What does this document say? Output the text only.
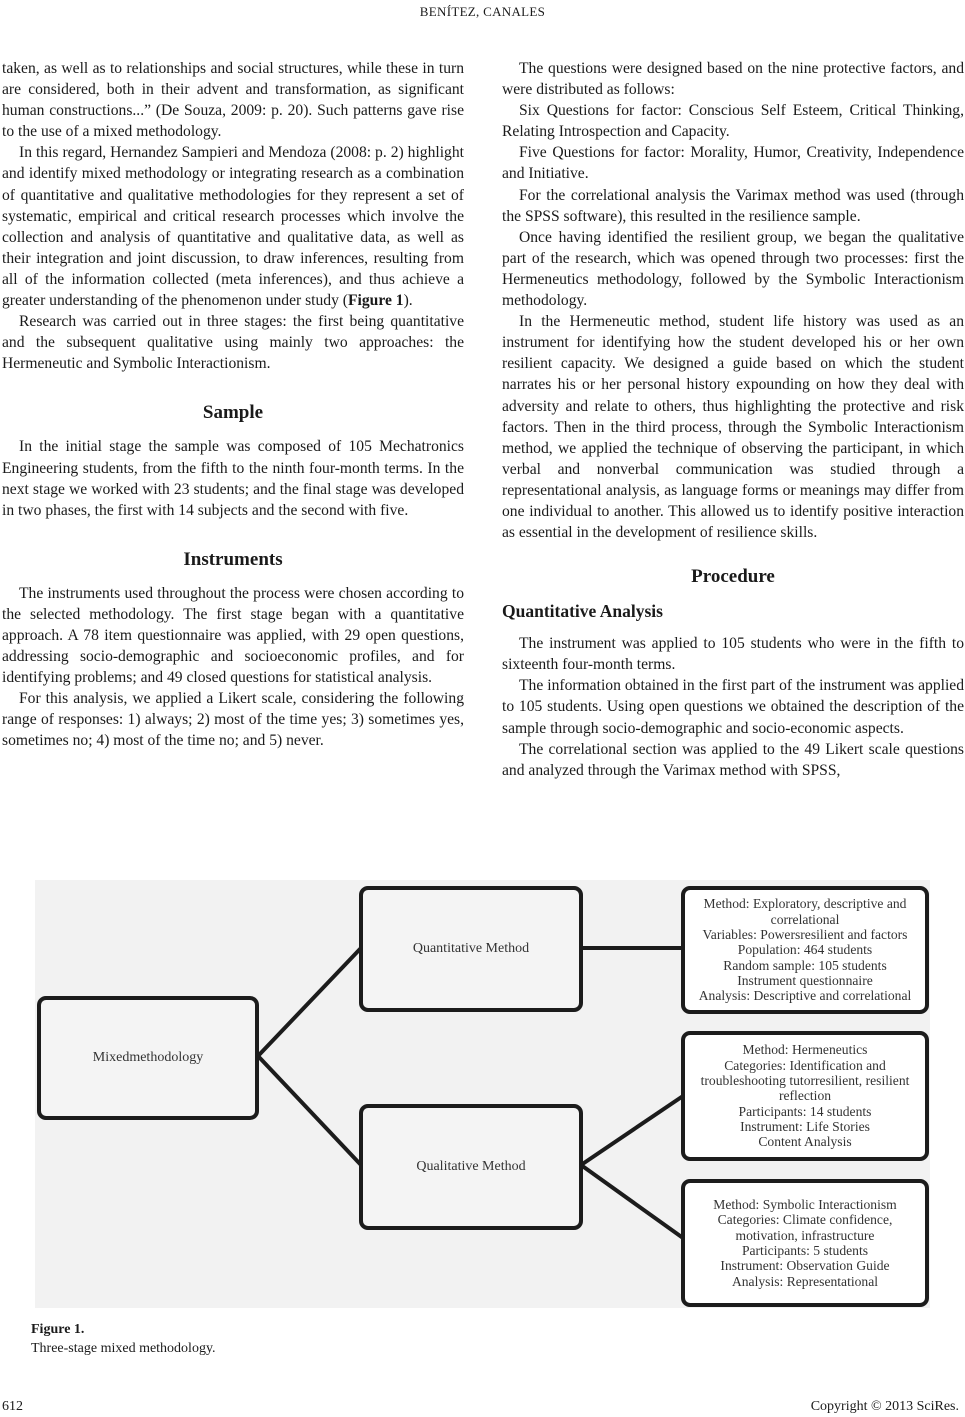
BENÍTEZ, CANALES

taken, as well as to relationships and social structures, while these in turn are considered, both in their advent and transformation, as significant human constructions...” (De Souza, 2009: p. 20). Such patterns gave rise to the use of a mixed methodology.

In this regard, Hernandez Sampieri and Mendoza (2008: p. 2) highlight and identify mixed methodology or integrating research as a combination of quantitative and qualitative methodologies for they represent a set of systematic, empirical and critical research processes which involve the collection and analysis of quantitative and qualitative data, as well as their integration and joint discussion, to draw inferences, resulting from all of the information collected (meta inferences), and thus achieve a greater understanding of the phenomenon under study (Figure 1).

Research was carried out in three stages: the first being quantitative and the subsequent qualitative using mainly two approaches: the Hermeneutic and Symbolic Interactionism.

Sample

In the initial stage the sample was composed of 105 Mechatronics Engineering students, from the fifth to the ninth four-month terms. In the next stage we worked with 23 students; and the final stage was developed in two phases, the first with 14 subjects and the second with five.

Instruments

The instruments used throughout the process were chosen according to the selected methodology. The first stage began with a quantitative approach. A 78 item questionnaire was applied, with 29 open questions, addressing socio-demographic and socioeconomic profiles, and for identifying problems; and 49 closed questions for statistical analysis.

For this analysis, we applied a Likert scale, considering the following range of responses: 1) always; 2) most of the time yes; 3) sometimes yes, sometimes no; 4) most of the time no; and 5) never.

The questions were designed based on the nine protective factors, and were distributed as follows:

Six Questions for factor: Conscious Self Esteem, Critical Thinking, Relating Introspection and Capacity.

Five Questions for factor: Morality, Humor, Creativity, Independence and Initiative.

For the correlational analysis the Varimax method was used (through the SPSS software), this resulted in the resilience sample.

Once having identified the resilient group, we began the qualitative part of the research, which was opened through two processes: first the Hermeneutics methodology, followed by the Symbolic Interactionism methodology.

In the Hermeneutic method, student life history was used as an instrument for identifying how the student developed his or her own resilient capacity. We designed a guide based on which the student narrates his or her personal history expounding on how they deal with adversity and relate to others, thus highlighting the protective and risk factors. Then in the third process, through the Symbolic Interactionism method, we applied the technique of observing the participant, in which verbal and nonverbal communication was studied through a representational analysis, as language forms or meanings may differ from one individual to another. This allowed us to identify positive interaction as essential in the development of resilience skills.

Procedure
Quantitative Analysis

The instrument was applied to 105 students who were in the fifth to sixteenth four-month terms.

The information obtained in the first part of the instrument was applied to 105 students. Using open questions we obtained the description of the sample through socio-demographic and socio-economic aspects.

The correlational section was applied to the 49 Likert scale questions and analyzed through the Varimax method with SPSS,

Mixedmethodology
Quantitative Method
Qualitative Method
Method: Exploratory, descriptive and
correlational
Variables: Powersresilient and factors
Population: 464 students
Random sample: 105 students
Instrument questionnaire
Analysis: Descriptive and correlational
Method: Hermeneutics
Categories: Identification and
troubleshooting tutorresilient, resilient
reflection
Participants: 14 students
Instrument: Life Stories
Content Analysis
Method: Symbolic Interactionism
Categories: Climate confidence,
motivation, infrastructure
Participants: 5 students
Instrument: Observation Guide
Analysis: Representational
Figure 1.
Three-stage mixed methodology.
612	Copyright © 2013 SciRes.
